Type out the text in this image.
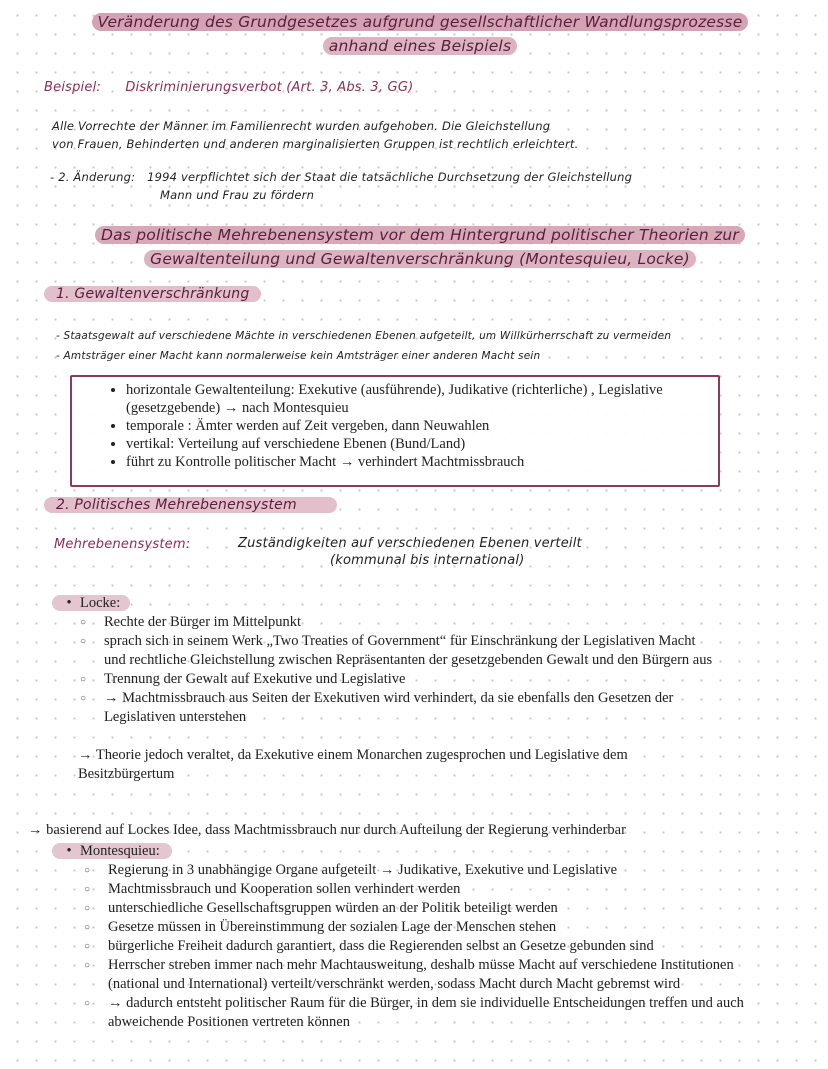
Veränderung des Grundgesetzes aufgrund gesellschaftlicher Wandlungsprozesse
anhand eines Beispiels
Beispiel: Diskriminierungsverbot (Art. 3, Abs. 3, GG)
Alle Vorrechte der Männer im Familienrecht wurden aufgehoben. Die Gleichstellung
von Frauen, Behinderten und anderen marginalisierten Gruppen ist rechtlich erleichtert.
- 2. Änderung: 1994 verpflichtet sich der Staat die tatsächliche Durchsetzung der Gleichstellung
Mann und Frau zu fördern
Das politische Mehrebenensystem vor dem Hintergrund politischer Theorien zur
Gewaltenteilung und Gewaltenverschränkung (Montesquieu, Locke)
1. Gewaltenverschränkung
- Staatsgewalt auf verschiedene Mächte in verschiedenen Ebenen aufgeteilt, um Willkürherrschaft zu vermeiden
- Amtsträger einer Macht kann normalerweise kein Amtsträger einer anderen Macht sein
• horizontale Gewaltenteilung: Exekutive (ausführende), Judikative (richterliche) , Legislative (gesetzgebende) → nach Montesquieu
• temporale : Ämter werden auf Zeit vergeben, dann Neuwahlen
• vertikal: Verteilung auf verschiedene Ebenen (Bund/Land)
• führt zu Kontrolle politischer Macht → verhindert Machtmissbrauch
2. Politisches Mehrebenensystem
Mehrebenensystem:	Zuständigkeiten auf verschiedenen Ebenen verteilt
(kommunal bis international)
• Locke:
○ Rechte der Bürger im Mittelpunkt
○ sprach sich in seinem Werk „Two Treaties of Government“ für Einschränkung der Legislativen Macht und rechtliche Gleichstellung zwischen Repräsentanten der gesetzgebenden Gewalt und den Bürgern aus
○ Trennung der Gewalt auf Exekutive und Legislative
○ → Machtmissbrauch aus Seiten der Exekutiven wird verhindert, da sie ebenfalls den Gesetzen der Legislativen unterstehen
→ Theorie jedoch veraltet, da Exekutive einem Monarchen zugesprochen und Legislative dem Besitzbürgertum
→ basierend auf Lockes Idee, dass Machtmissbrauch nur durch Aufteilung der Regierung verhinderbar
• Montesquieu:
○ Regierung in 3 unabhängige Organe aufgeteilt → Judikative, Exekutive und Legislative
○ Machtmissbrauch und Kooperation sollen verhindert werden
○ unterschiedliche Gesellschaftsgruppen würden an der Politik beteiligt werden
○ Gesetze müssen in Übereinstimmung der sozialen Lage der Menschen stehen
○ bürgerliche Freiheit dadurch garantiert, dass die Regierenden selbst an Gesetze gebunden sind
○ Herrscher streben immer nach mehr Machtausweitung, deshalb müsse Macht auf verschiedene Institutionen (national und International) verteilt/verschränkt werden, sodass Macht durch Macht gebremst wird
○ → dadurch entsteht politischer Raum für die Bürger, in dem sie individuelle Entscheidungen treffen und auch abweichende Positionen vertreten können
